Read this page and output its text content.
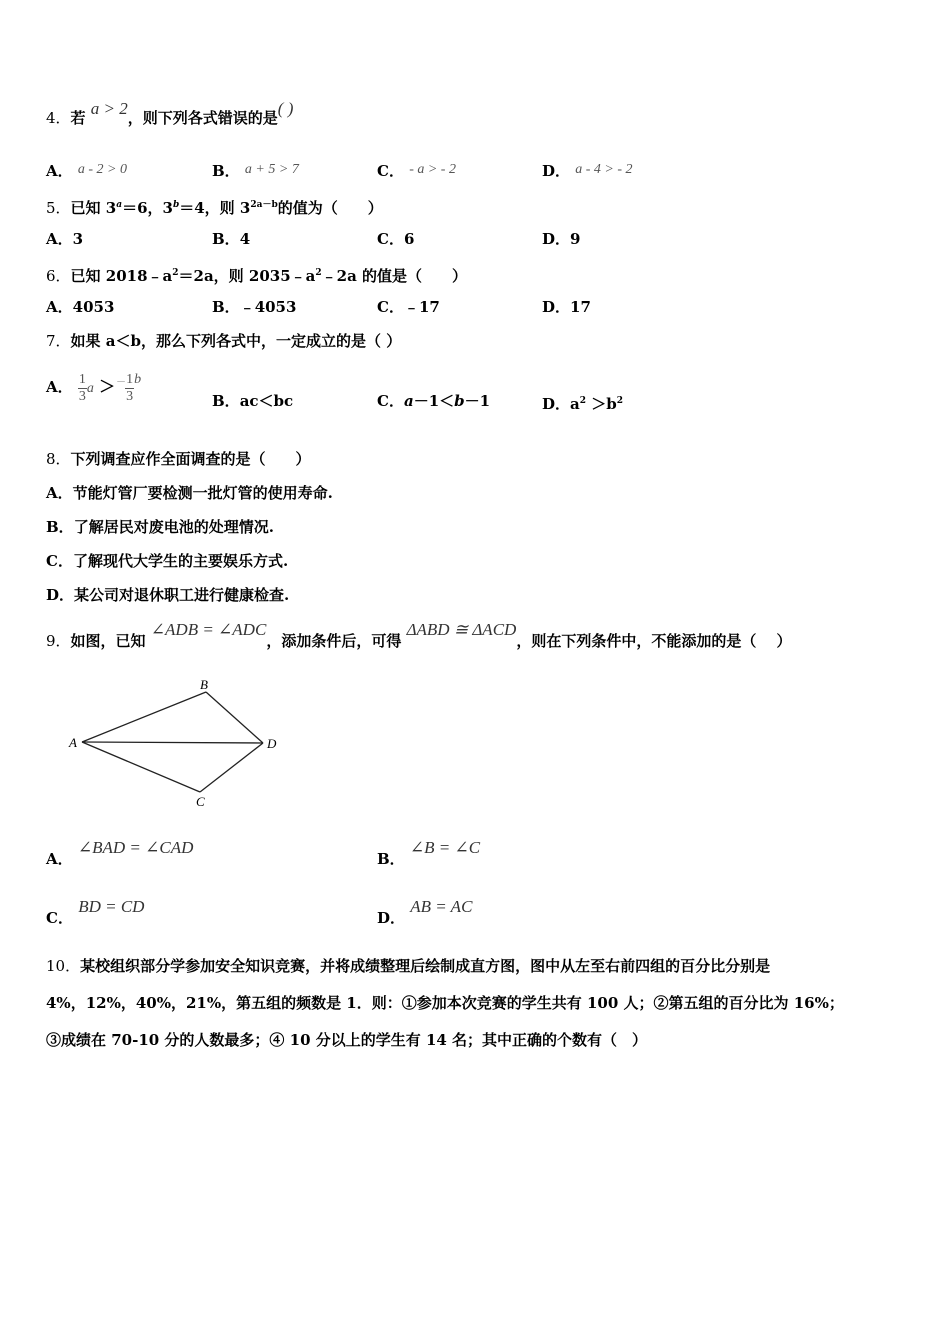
4．若 a > 2，则下列各式错误的是( )
A． a - 2 > 0	B． a + 5 > 7	C． - a > - 2	D． a - 4 > - 2
5．已知 $3^a=6$，$3^b=4$，则 $3^{2a-b}$的值为（　　）
A．3	B．4	C．6	D．9
6．已知 $2018﹣a^2=2a$，则 $2035﹣a^2﹣2a$ 的值是（　　）
A．4053	B．﹣4053	C．﹣17	D．17
7．如果 a＜b，那么下列各式中，一定成立的是（ ）
A． $\frac{1}{3}$ $a >^- \frac{1}{3}$ b
B．ac＜bc	C．a－1＜b－1	D．$a^2 >b^2$
8．下列调查应作全面调查的是（　　）
A．节能灯管厂要检测一批灯管的使用寿命.
B．了解居民对废电池的处理情况.
C．了解现代大学生的主要娱乐方式.
D．某公司对退休职工进行健康检查.
9．如图，已知 ∠ADB = ∠ADC，添加条件后，可得 ΔABD ≅ ΔACD，则在下列条件中，不能添加的是（　 ）
A
B
C
D
A． ∠BAD = ∠CAD
B． ∠B = ∠C
C． BD = CD
D． AB = AC
10．某校组织部分学参加安全知识竞赛，并将成绩整理后绘制成直方图，图中从左至右前四组的百分比分别是
4%，12%，40%，21%，第五组的频数是 1．则：①参加本次竞赛的学生共有 100 人；②第五组的百分比为 16%；
③成绩在 70-10 分的人数最多；④ 10 分以上的学生有 14 名；其中正确的个数有（　）
